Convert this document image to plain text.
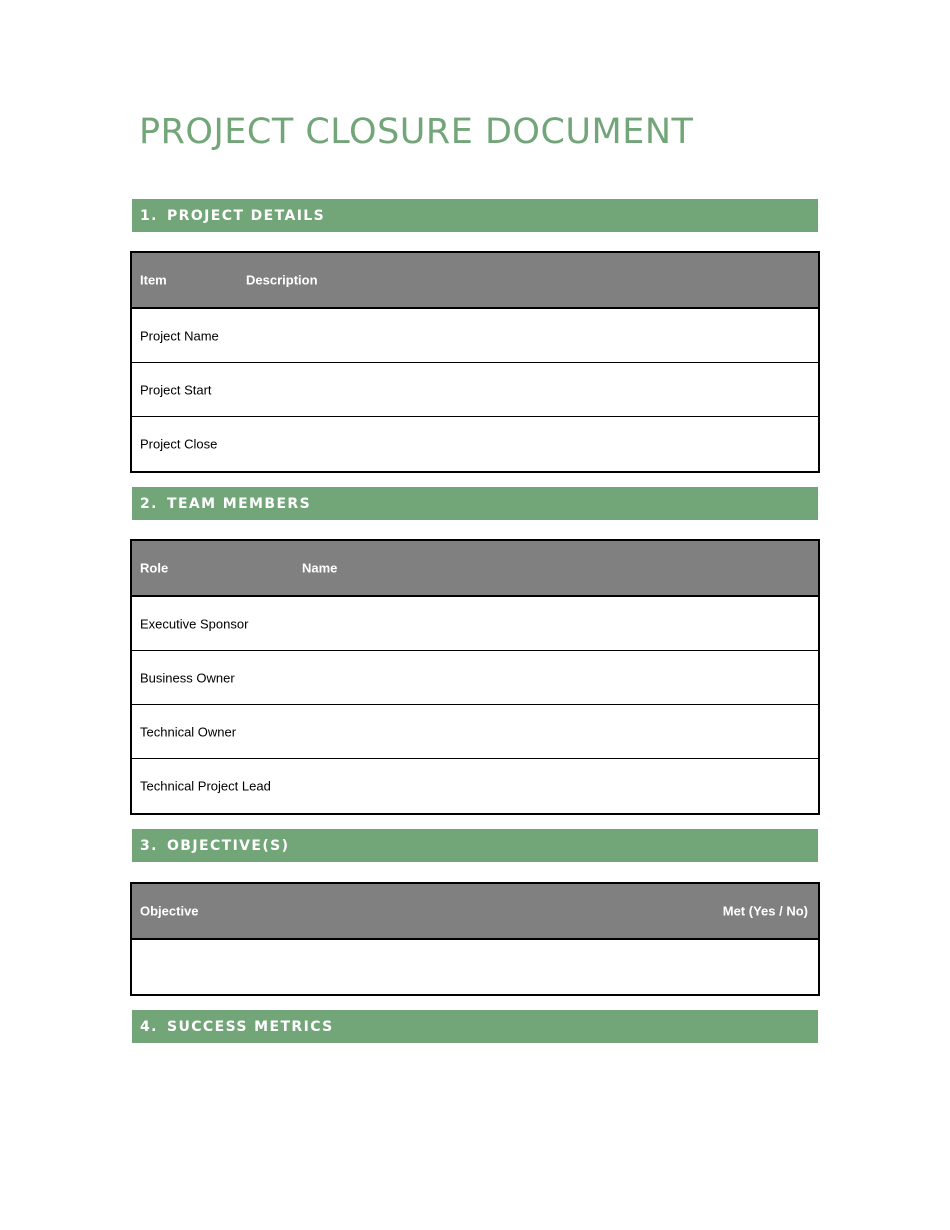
PROJECT CLOSURE DOCUMENT
1. PROJECT DETAILS
Item	Description
Project Name
Project Start
Project Close
2. TEAM MEMBERS
Role	Name
Executive Sponsor
Business Owner
Technical Owner
Technical Project Lead
3. OBJECTIVE(S)
Objective	Met (Yes / No)
4. SUCCESS METRICS
